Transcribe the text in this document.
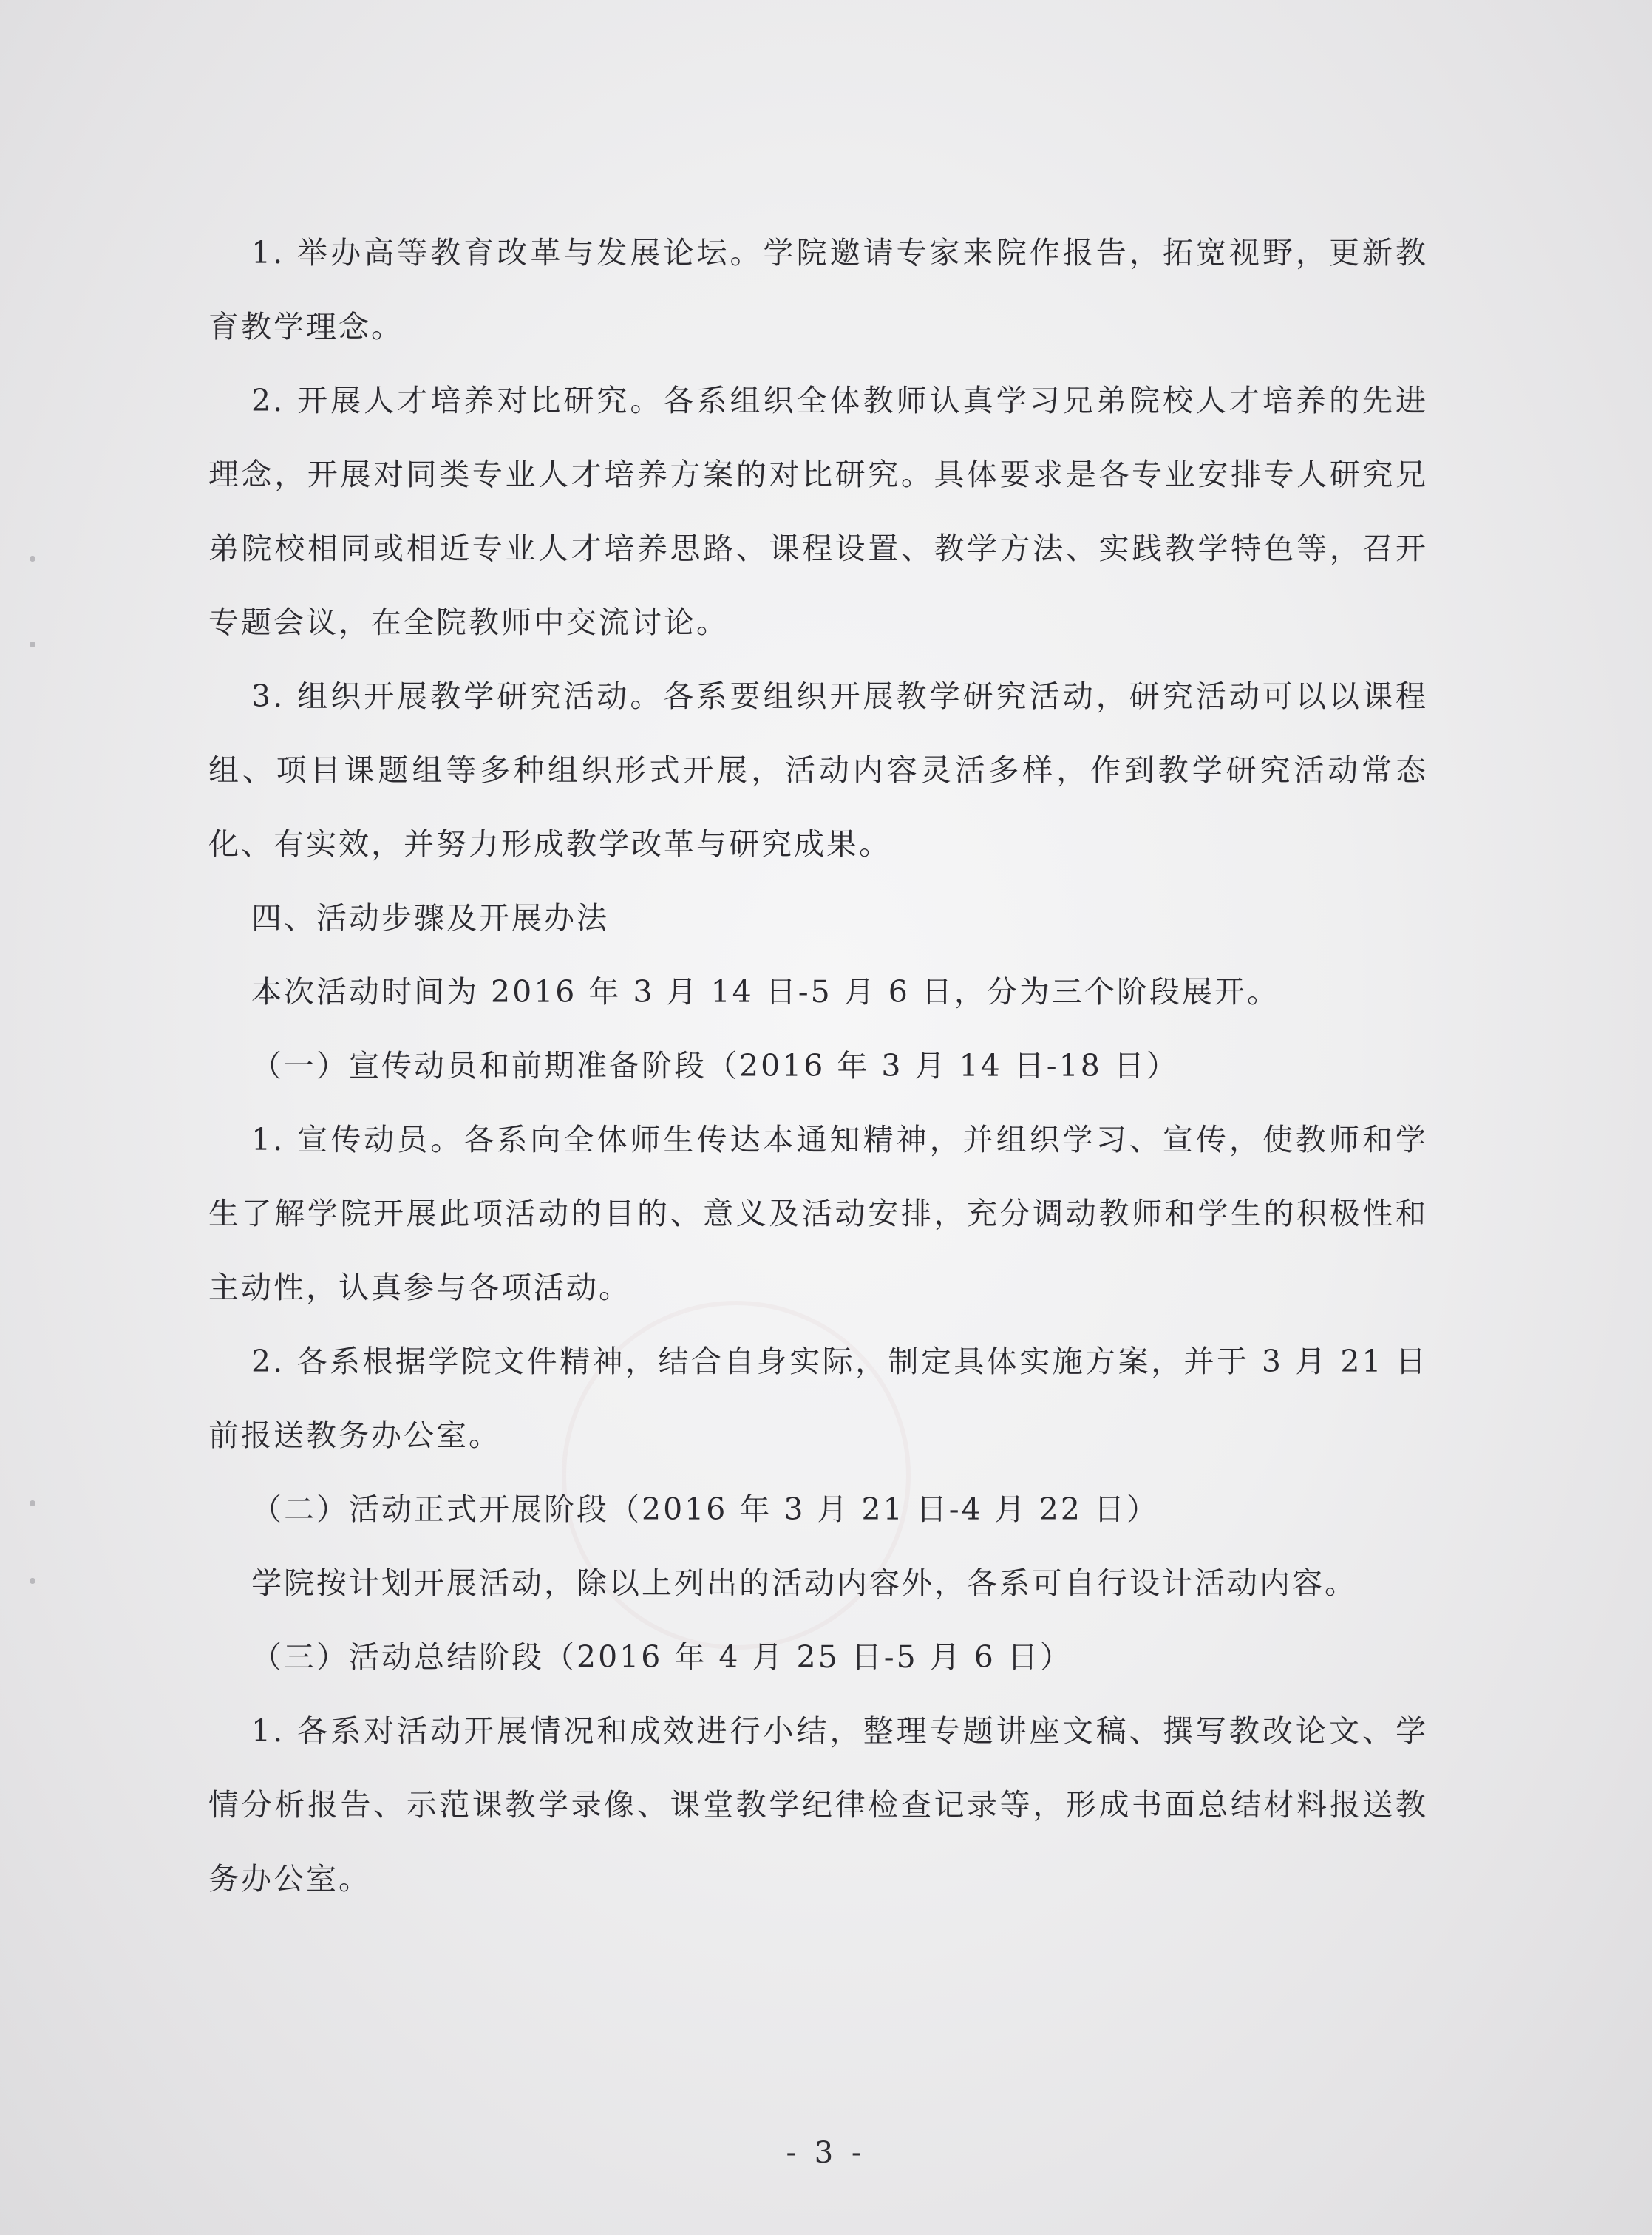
1. 举办高等教育改革与发展论坛。学院邀请专家来院作报告，拓宽视野，更新教育教学理念。

2. 开展人才培养对比研究。各系组织全体教师认真学习兄弟院校人才培养的先进理念，开展对同类专业人才培养方案的对比研究。具体要求是各专业安排专人研究兄弟院校相同或相近专业人才培养思路、课程设置、教学方法、实践教学特色等，召开专题会议，在全院教师中交流讨论。

3. 组织开展教学研究活动。各系要组织开展教学研究活动，研究活动可以以课程组、项目课题组等多种组织形式开展，活动内容灵活多样，作到教学研究活动常态化、有实效，并努力形成教学改革与研究成果。

四、活动步骤及开展办法

本次活动时间为 2016 年 3 月 14 日-5 月 6 日，分为三个阶段展开。

（一）宣传动员和前期准备阶段（2016 年 3 月 14 日-18 日）

1. 宣传动员。各系向全体师生传达本通知精神，并组织学习、宣传，使教师和学生了解学院开展此项活动的目的、意义及活动安排，充分调动教师和学生的积极性和主动性，认真参与各项活动。

2. 各系根据学院文件精神，结合自身实际，制定具体实施方案，并于 3 月 21 日前报送教务办公室。

（二）活动正式开展阶段（2016 年 3 月 21 日-4 月 22 日）

学院按计划开展活动，除以上列出的活动内容外，各系可自行设计活动内容。

（三）活动总结阶段（2016 年 4 月 25 日-5 月 6 日）

1. 各系对活动开展情况和成效进行小结，整理专题讲座文稿、撰写教改论文、学情分析报告、示范课教学录像、课堂教学纪律检查记录等，形成书面总结材料报送教务办公室。

- 3 -
